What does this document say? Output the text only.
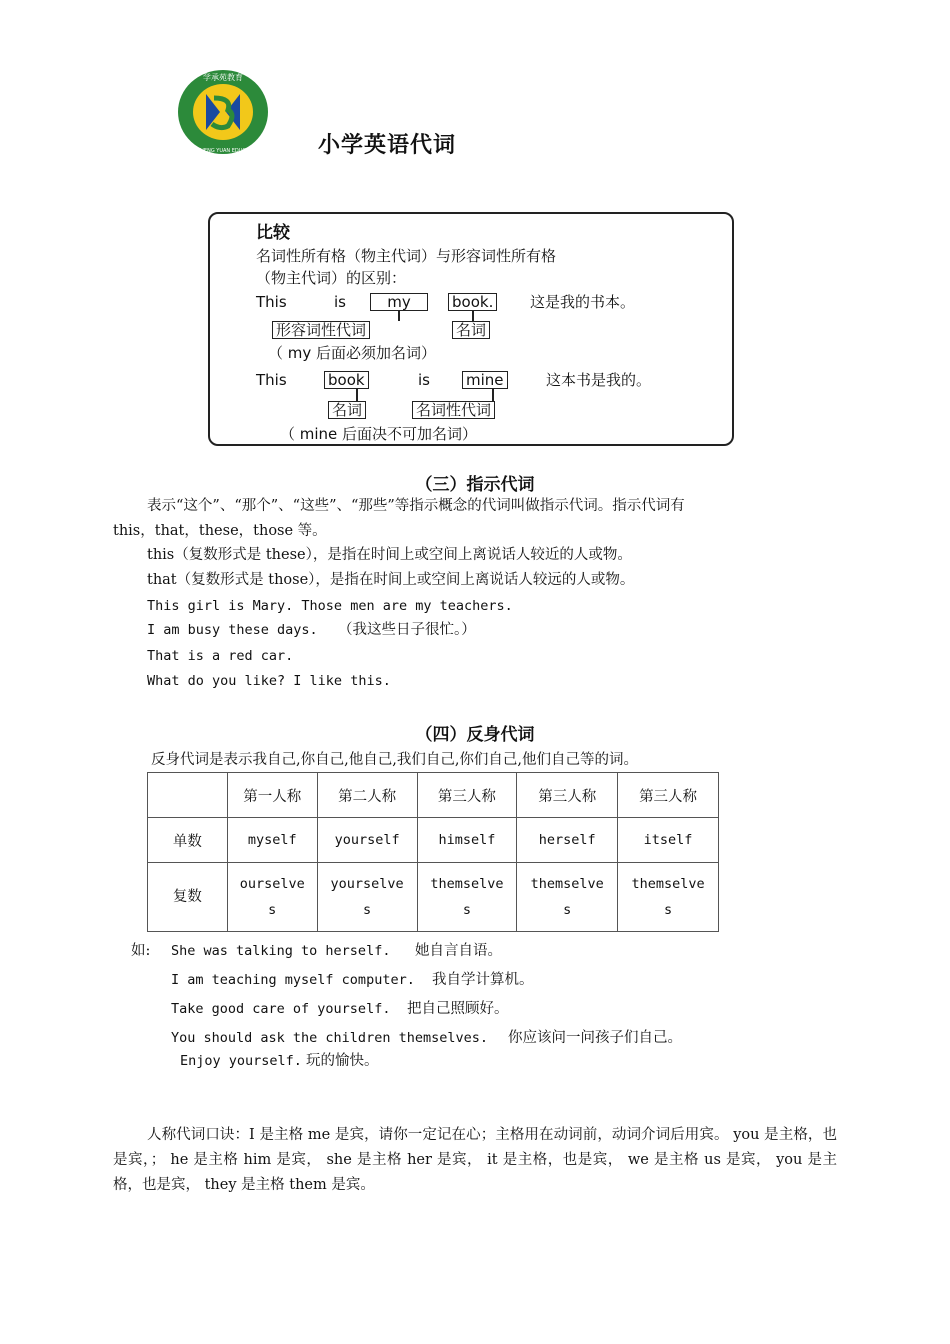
学承苑教育
XUE CHENG YUAN EDUCATION	小学英语代词
比较
名词性所有格（物主代词）与形容词性所有格
（物主代词）的区别：
This	is	my	book. 这是我的书本。
形容词性代词	名词
（ my 后面必须加名词）
This	book	is mine	这本书是我的。
名词	名词性代词
（ mine 后面决不可加名词）
（三）指示代词
表示“这个”、“那个”、“这些”、“那些”等指示概念的代词叫做指示代词。指示代词有
this，that，these，those 等。
this（复数形式是 these），是指在时间上或空间上离说话人较近的人或物。
that（复数形式是 those），是指在时间上或空间上离说话人较远的人或物。
This girl is Mary. Those men are my teachers.
I am busy these days. （我这些日子很忙。）
That is a red car.
What do you like? I like this.
（四）反身代词
反身代词是表示我自己,你自己,他自己,我们自己,你们自己,他们自己等的词。
	第一人称	第二人称	第三人称	第三人称	第三人称
单数	myself	yourself	himself	herself	itself
复数	ourselves	yourselves	themselves	themselves	themselves
如: She was talking to herself. 她自言自语。
I am teaching myself computer. 我自学计算机。
Take good care of yourself. 把自己照顾好。
You should ask the children themselves. 你应该问一问孩子们自己。
Enjoy yourself. 玩的愉快。
人称代词口诀：I 是主格 me 是宾，请你一定记在心；主格用在动词前，动词介词后用宾。 you 是主格，也是宾，； he 是主格 him 是宾， she 是主格 her 是宾， it 是主格，也是宾， we 是主格 us 是宾， you 是主格，也是宾， they 是主格 them 是宾。
